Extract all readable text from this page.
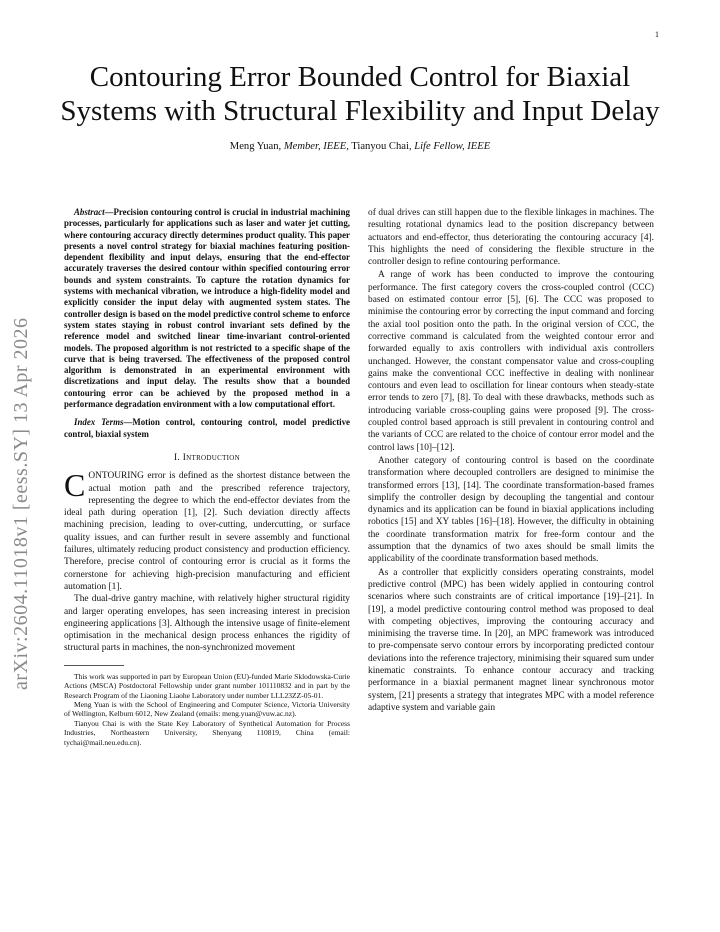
1
arXiv:2604.11018v1 [eess.SY] 13 Apr 2026
Contouring Error Bounded Control for Biaxial Systems with Structural Flexibility and Input Delay
Meng Yuan, Member, IEEE, Tianyou Chai, Life Fellow, IEEE

Abstract—Precision contouring control is crucial in industrial machining processes, particularly for applications such as laser and water jet cutting, where contouring accuracy directly determines product quality. This paper presents a novel control strategy for biaxial machines featuring position-dependent flexibility and input delays, ensuring that the end-effector accurately traverses the desired contour within specified contouring error bounds and system constraints. To capture the rotation dynamics for systems with mechanical vibration, we introduce a high-fidelity model and explicitly consider the input delay with augmented system states. The controller design is based on the model predictive control scheme to enforce system states staying in robust control invariant sets defined by the reference model and switched linear time-invariant control-oriented models. The proposed algorithm is not restricted to a specific shape of the curve that is being traversed. The effectiveness of the proposed control algorithm is demonstrated in an experimental environment with discretizations and input delay. The results show that a bounded contouring error can be achieved by the proposed method in a performance degradation environment with a low computational effort.

Index Terms—Motion control, contouring control, model predictive control, biaxial system

I. Introduction

CONTOURING error is defined as the shortest distance between the actual motion path and the prescribed reference trajectory, representing the degree to which the end-effector deviates from the ideal path during operation [1], [2]. Such deviation directly affects machining precision, leading to over-cutting, undercutting, or surface quality issues, and can further result in severe assembly and functional failures, ultimately reducing product consistency and production efficiency. Therefore, precise control of contouring error is crucial as it forms the cornerstone for achieving high-precision manufacturing and efficient automation [1].

The dual-drive gantry machine, with relatively higher structural rigidity and larger operating envelopes, has seen increasing interest in precision engineering applications [3]. Although the intensive usage of finite-element optimisation in the mechanical design process enhances the rigidity of structural parts in machines, the non-synchronized movement

This work was supported in part by European Union (EU)-funded Marie Sklodowska-Curie Actions (MSCA) Postdoctoral Fellowship under grant number 101110832 and in part by the Research Program of the Liaoning Liaohe Laboratory under number LLL23ZZ-05-01.

Meng Yuan is with the School of Engineering and Computer Science, Victoria University of Wellington, Kelburn 6012, New Zealand (emails: meng.yuan@vuw.ac.nz).

Tianyou Chai is with the State Key Laboratory of Synthetical Automation for Process Industries, Northeastern University, Shenyang 110819, China (email: tychai@mail.neu.edu.cn).

of dual drives can still happen due to the flexible linkages in machines. The resulting rotational dynamics lead to the position discrepancy between actuators and end-effector, thus deteriorating the contouring accuracy [4]. This highlights the need of considering the flexible structure in the controller design to refine contouring performance.

A range of work has been conducted to improve the contouring performance. The first category covers the cross-coupled control (CCC) based on estimated contour error [5], [6]. The CCC was proposed to minimise the contouring error by correcting the input command and forcing the axial tool position onto the path. In the original version of CCC, the corrective command is calculated from the weighted contour error and forwarded equally to axis controllers with individual axis controllers unchanged. However, the constant compensator value and cross-coupling gains make the conventional CCC ineffective in dealing with nonlinear contours and even lead to oscillation for linear contours when steady-state error tends to zero [7], [8]. To deal with these drawbacks, methods such as introducing variable cross-coupling gains were proposed [9]. The cross-coupled control based approach is still prevalent in contouring control and the variants of CCC are related to the choice of contour error model and the control laws [10]–[12].

Another category of contouring control is based on the coordinate transformation where decoupled controllers are designed to minimise the transformed errors [13], [14]. The coordinate transformation-based frames simplify the controller design by decoupling the tangential and contour dynamics and its application can be found in biaxial applications including robotics [15] and XY tables [16]–[18]. However, the difficulty in obtaining the coordinate transformation matrix for free-form contour and the assumption that the dynamics of two axes should be small limits the applicability of the coordinate transformation based methods.

As a controller that explicitly considers operating constraints, model predictive control (MPC) has been widely applied in contouring control scenarios where such constraints are of critical importance [19]–[21]. In [19], a model predictive contouring control method was proposed to deal with competing objectives, improving the contouring accuracy and minimising the traverse time. In [20], an MPC framework was introduced to pre-compensate servo contour errors by incorporating predicted contour deviations into the reference trajectory, minimising their squared sum under kinematic constraints. To enhance contour accuracy and tracking performance in a biaxial permanent magnet linear synchronous motor system, [21] presents a strategy that integrates MPC with a model reference adaptive system and variable gain
